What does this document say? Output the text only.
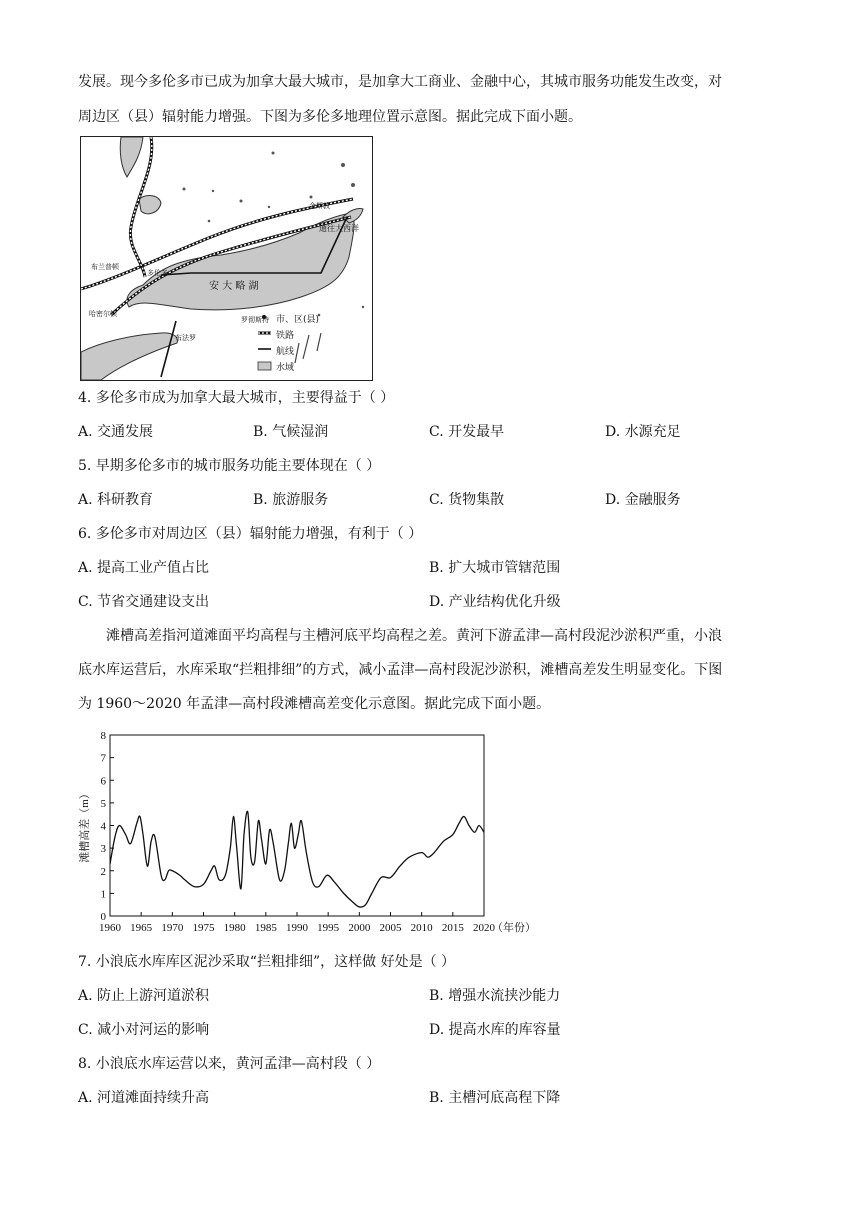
发展。现今多伦多市已成为加拿大最大城市，是加拿大工商业、金融中心，其城市服务功能发生改变，对
周边区（县）辐射能力增强。下图为多伦多地理位置示意图。据此完成下面小题。
金斯敦
通往大西洋
布兰普顿
多伦多
安 大 略 湖
哈密尔顿
布法罗
罗彻斯特 市、区(县)
铁路
航线
水域
4. 多伦多市成为加拿大最大城市，主要得益于（ ）
A. 交通发展	B. 气候湿润	C. 开发最早	D. 水源充足
5. 早期多伦多市的城市服务功能主要体现在（ ）
A. 科研教育	B. 旅游服务	C. 货物集散	D. 金融服务
6. 多伦多市对周边区（县）辐射能力增强，有利于（ ）
A. 提高工业产值占比	B. 扩大城市管辖范围
C. 节省交通建设支出	D. 产业结构优化升级
滩槽高差指河道滩面平均高程与主槽河底平均高程之差。黄河下游孟津—高村段泥沙淤积严重，小浪
底水库运营后，水库采取“拦粗排细”的方式，减小孟津—高村段泥沙淤积，滩槽高差发生明显变化。下图
为 1960～2020 年孟津—高村段滩槽高差变化示意图。据此完成下面小题。
0
1
2
3
4
5
6
7
8
1960 1965 1970 1975 1980 1985 1990 1995 2000 2005 2010 2015 2020
（年份）
滩槽高差（m）
7. 小浪底水库库区泥沙采取“拦粗排细”，这样做 好处是（ ）
A. 防止上游河道淤积	B. 增强水流挟沙能力
C. 减小对河运的影响	D. 提高水库的库容量
8. 小浪底水库运营以来，黄河孟津—高村段（ ）
A. 河道滩面持续升高	B. 主槽河底高程下降
